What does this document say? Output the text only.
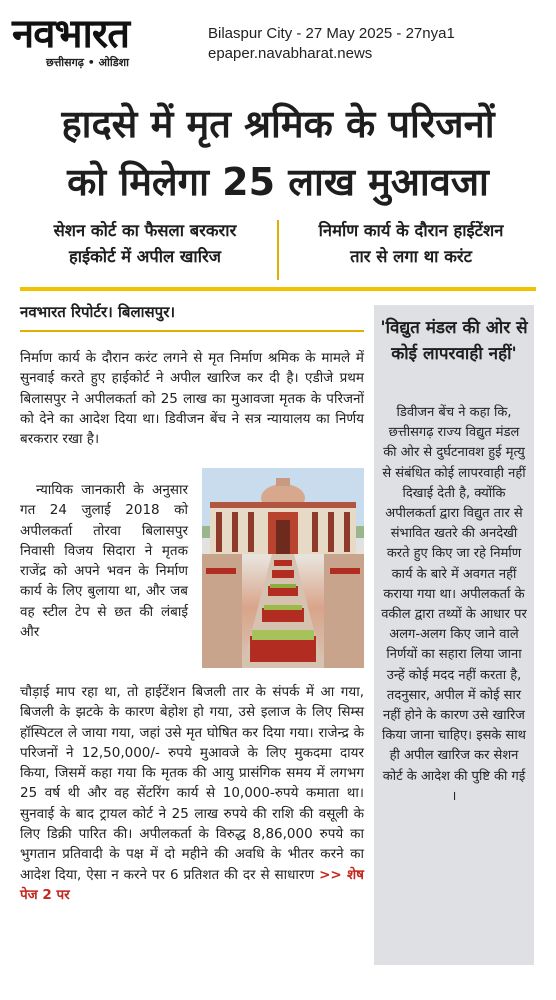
नवभारत
छत्तीसगढ़ • ओडिशा
Bilaspur City - 27 May 2025 - 27nya1
epaper.navabharat.news
हादसे में मृत श्रमिक के परिजनों
को मिलेगा 25 लाख मुआवजा
सेशन कोर्ट का फैसला बरकरार
हाईकोर्ट में अपील खारिज
निर्माण कार्य के दौरान हाईटेंशन
तार से लगा था करंट
नवभारत रिपोर्टर। बिलासपुर।
निर्माण कार्य के दौरान करंट लगने से मृत निर्माण श्रमिक के मामले में सुनवाई करते हुए हाईकोर्ट ने अपील खारिज कर दी है। एडीजे प्रथम बिलासपुर ने अपीलकर्ता को 25 लाख का मुआवजा मृतक के परिजनों को देने का आदेश दिया था। डिवीजन बेंच ने सत्र न्यायालय का निर्णय बरकरार रखा है।
न्यायिक जानकारी के अनुसार गत 24 जुलाई 2018 को अपीलकर्ता तोरवा बिलासपुर निवासी विजय सिदारा ने मृतक राजेंद्र को अपने भवन के निर्माण कार्य के लिए बुलाया था, और जब वह स्टील टेप से छत की लंबाई और
चौड़ाई माप रहा था, तो हाईटेंशन बिजली तार के संपर्क में आ गया, बिजली के झटके के कारण बेहोश हो गया, उसे इलाज के लिए सिम्स हॉस्पिटल ले जाया गया, जहां उसे मृत घोषित कर दिया गया। राजेन्द्र के परिजनों ने 12,50,000/- रुपये मुआवजे के लिए मुकदमा दायर किया, जिसमें कहा गया कि मृतक की आयु प्रासंगिक समय में लगभग 25 वर्ष थी और वह सेंटरिंग कार्य से 10,000-रुपये कमाता था। सुनवाई के बाद ट्रायल कोर्ट ने 25 लाख रुपये की राशि की वसूली के लिए डिक्री पारित की। अपीलकर्ता के विरुद्ध 8,86,000 रुपये का भुगतान प्रतिवादी के पक्ष में दो महीने की अवधि के भीतर करने का आदेश दिया, ऐसा न करने पर 6 प्रतिशत की दर से साधारण >> शेष पेज 2 पर
'विद्युत मंडल की ओर से कोई लापरवाही नहीं'
डिवीजन बेंच ने कहा कि, छत्तीसगढ़ राज्य विद्युत मंडल की ओर से दुर्घटनावश हुई मृत्यु से संबंधित कोई लापरवाही नहीं दिखाई देती है, क्योंकि अपीलकर्ता द्वारा विद्युत तार से संभावित खतरे की अनदेखी करते हुए किए जा रहे निर्माण कार्य के बारे में अवगत नहीं कराया गया था। अपीलकर्ता के वकील द्वारा तथ्यों के आधार पर अलग-अलग किए जाने वाले निर्णयों का सहारा लिया जाना उन्हें कोई मदद नहीं करता है, तदनुसार, अपील में कोई सार नहीं होने के कारण उसे खारिज किया जाना चाहिए। इसके साथ ही अपील खारिज कर सेशन कोर्ट के आदेश की पुष्टि की गई ।
